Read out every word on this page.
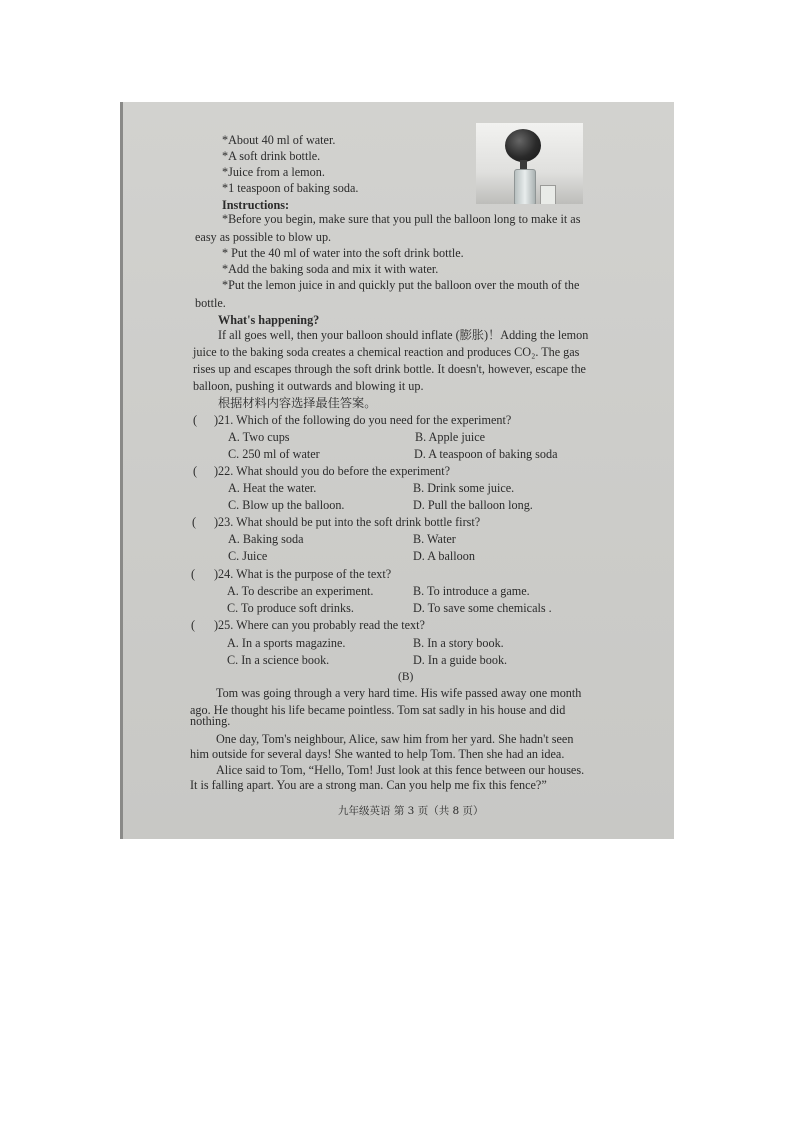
*About 40 ml of water.
*A soft drink bottle.
*Juice from a lemon.
*1 teaspoon of baking soda.
Instructions:
*Before you begin, make sure that you pull the balloon long to make it as
easy as possible to blow up.
* Put the 40 ml of water into the soft drink bottle.
*Add the baking soda and mix it with water.
*Put the lemon juice in and quickly put the balloon over the mouth of the
bottle.
What's happening?
If all goes well, then your balloon should inflate (膨胀)！Adding the lemon
juice to the baking soda creates a chemical reaction and produces CO₂. The gas
rises up and escapes through the soft drink bottle. It doesn't, however, escape the
balloon, pushing it outwards and blowing it up.
根据材料内容选择最佳答案。
( )21. Which of the following do you need for the experiment?
A. Two cups	B. Apple juice
C. 250 ml of water	D. A teaspoon of baking soda
( )22. What should you do before the experiment?
A. Heat the water.	B. Drink some juice.
C. Blow up the balloon.	D. Pull the balloon long.
( )23. What should be put into the soft drink bottle first?
A. Baking soda	B. Water
C. Juice	D. A balloon
( )24. What is the purpose of the text?
A. To describe an experiment.	B. To introduce a game.
C. To produce soft drinks.	D. To save some chemicals .
( )25. Where can you probably read the text?
A. In a sports magazine.	B. In a story book.
C. In a science book.	D. In a guide book.
(B)
Tom was going through a very hard time. His wife passed away one month
ago. He thought his life became pointless. Tom sat sadly in his house and did
nothing.
One day, Tom's neighbour, Alice, saw him from her yard. She hadn't seen
him outside for several days! She wanted to help Tom. Then she had an idea.
Alice said to Tom, “Hello, Tom! Just look at this fence between our houses.
It is falling apart. You are a strong man. Can you help me fix this fence?”
九年级英语 第 3 页（共 8 页）
